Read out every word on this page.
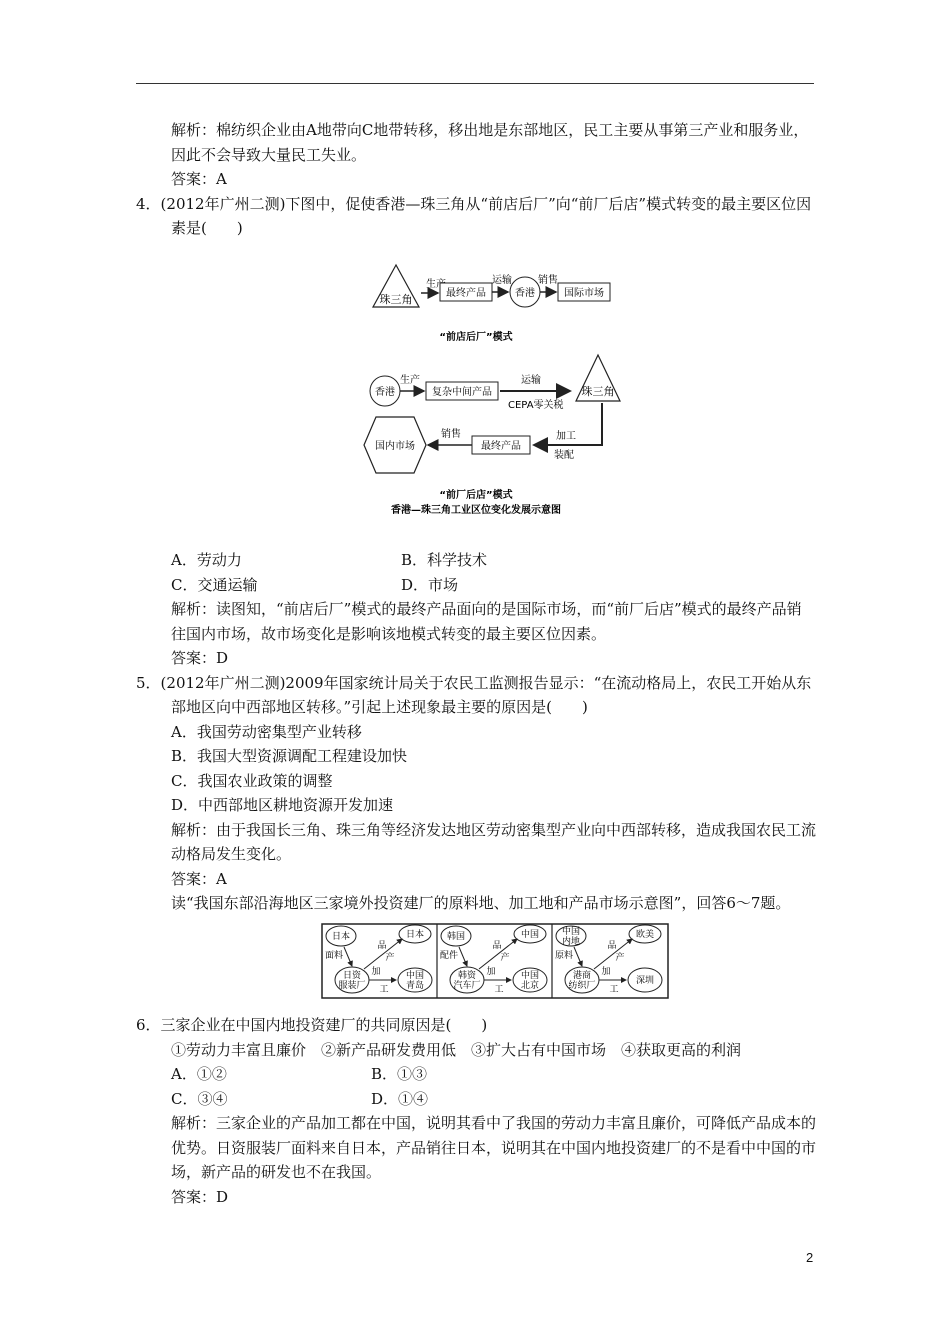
解析：棉纺织企业由A地带向C地带转移，移出地是东部地区，民工主要从事第三产业和服务业，因此不会导致大量民工失业。

答案：A

4．(2012年广州二测)下图中，促使香港—珠三角从“前店后厂”向“前厂后店”模式转变的最主要区位因素是(　　)

珠三角
生产
最终产品
运输
香港
销售
国际市场
“前店后厂”模式
香港
生产
复杂中间产品
运输
CEPA零关税
珠三角
加工
装配
最终产品
销售
国内市场
“前厂后店”模式
香港—珠三角工业区位变化发展示意图
A．劳动力	B．科学技术
C．交通运输	D．市场

解析：读图知，“前店后厂”模式的最终产品面向的是国际市场，而“前厂后店”模式的最终产品销往国内市场，故市场变化是影响该地模式转变的最主要区位因素。

答案：D

5．(2012年广州二测)2009年国家统计局关于农民工监测报告显示：“在流动格局上，农民工开始从东部地区向中西部地区转移。”引起上述现象最主要的原因是(　　)

A．我国劳动密集型产业转移

B．我国大型资源调配工程建设加快

C．我国农业政策的调整

D．中西部地区耕地资源开发加速

解析：由于我国长三角、珠三角等经济发达地区劳动密集型产业向中西部转移，造成我国农民工流动格局发生变化。

答案：A

读“我国东部沿海地区三家境外投资建厂的原料地、加工地和产品市场示意图”，回答6～7题。

日本
面料
日资
服装厂
品
产
日本
加
工
中国
青岛
韩国
配件
韩资
汽车厂
品
产
中国
加
工
中国
北京
中国
内地
原料
港商
纺织厂
品
产
欧美
加
工
深圳

6．三家企业在中国内地投资建厂的共同原因是(　　)

①劳动力丰富且廉价　②新产品研发费用低　③扩大占有中国市场　④获取更高的利润

A．①②	B．①③
C．③④	D．①④

解析：三家企业的产品加工都在中国，说明其看中了我国的劳动力丰富且廉价，可降低产品成本的优势。日资服装厂面料来自日本，产品销往日本，说明其在中国内地投资建厂的不是看中中国的市场，新产品的研发也不在我国。

答案：D

2
